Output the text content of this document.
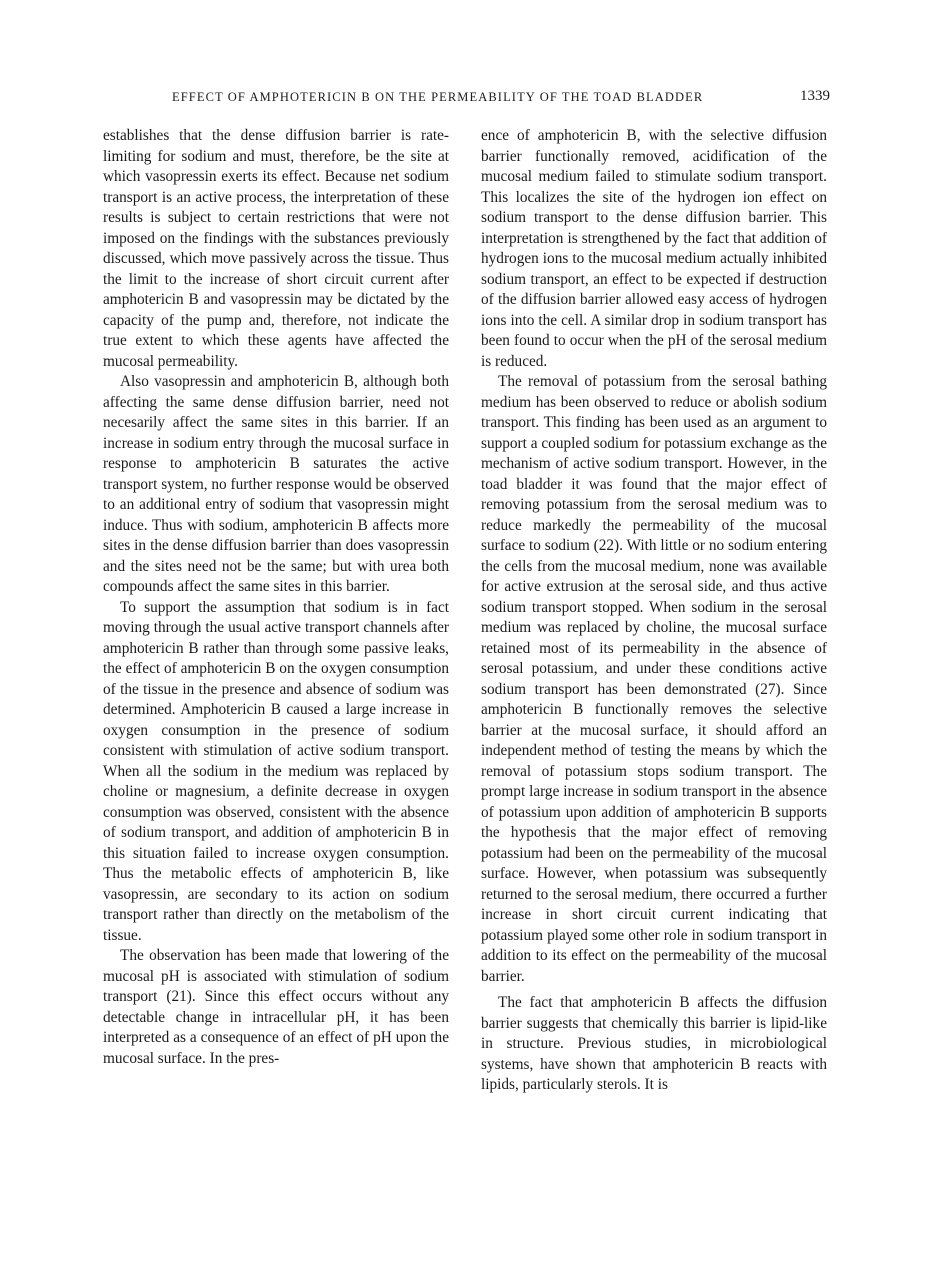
EFFECT OF AMPHOTERICIN B ON THE PERMEABILITY OF THE TOAD BLADDER	1339

establishes that the dense diffusion barrier is rate-limiting for sodium and must, therefore, be the site at which vasopressin exerts its effect. Because net sodium transport is an active process, the interpretation of these results is subject to certain restrictions that were not imposed on the findings with the substances previously discussed, which move passively across the tissue. Thus the limit to the increase of short circuit current after amphotericin B and vasopressin may be dictated by the capacity of the pump and, therefore, not indicate the true extent to which these agents have affected the mucosal permeability.

Also vasopressin and amphotericin B, although both affecting the same dense diffusion barrier, need not necesarily affect the same sites in this barrier. If an increase in sodium entry through the mucosal surface in response to amphotericin B saturates the active transport system, no further response would be observed to an additional entry of sodium that vasopressin might induce. Thus with sodium, amphotericin B affects more sites in the dense diffusion barrier than does vasopressin and the sites need not be the same; but with urea both compounds affect the same sites in this barrier.

To support the assumption that sodium is in fact moving through the usual active transport channels after amphotericin B rather than through some passive leaks, the effect of amphotericin B on the oxygen consumption of the tissue in the presence and absence of sodium was determined. Amphotericin B caused a large increase in oxygen consumption in the presence of sodium consistent with stimulation of active sodium transport. When all the sodium in the medium was replaced by choline or magnesium, a definite decrease in oxygen consumption was observed, consistent with the absence of sodium transport, and addition of amphotericin B in this situation failed to increase oxygen consumption. Thus the metabolic effects of amphotericin B, like vasopressin, are secondary to its action on sodium transport rather than directly on the metabolism of the tissue.

The observation has been made that lowering of the mucosal pH is associated with stimulation of sodium transport (21). Since this effect occurs without any detectable change in intracellular pH, it has been interpreted as a consequence of an effect of pH upon the mucosal surface. In the pres-

ence of amphotericin B, with the selective diffusion barrier functionally removed, acidification of the mucosal medium failed to stimulate sodium transport. This localizes the site of the hydrogen ion effect on sodium transport to the dense diffusion barrier. This interpretation is strengthened by the fact that addition of hydrogen ions to the mucosal medium actually inhibited sodium transport, an effect to be expected if destruction of the diffusion barrier allowed easy access of hydrogen ions into the cell. A similar drop in sodium transport has been found to occur when the pH of the serosal medium is reduced.

The removal of potassium from the serosal bathing medium has been observed to reduce or abolish sodium transport. This finding has been used as an argument to support a coupled sodium for potassium exchange as the mechanism of active sodium transport. However, in the toad bladder it was found that the major effect of removing potassium from the serosal medium was to reduce markedly the permeability of the mucosal surface to sodium (22). With little or no sodium entering the cells from the mucosal medium, none was available for active extrusion at the serosal side, and thus active sodium transport stopped. When sodium in the serosal medium was replaced by choline, the mucosal surface retained most of its permeability in the absence of serosal potassium, and under these conditions active sodium transport has been demonstrated (27). Since amphotericin B functionally removes the selective barrier at the mucosal surface, it should afford an independent method of testing the means by which the removal of potassium stops sodium transport. The prompt large increase in sodium transport in the absence of potassium upon addition of amphotericin B supports the hypothesis that the major effect of removing potassium had been on the permeability of the mucosal surface. However, when potassium was subsequently returned to the serosal medium, there occurred a further increase in short circuit current indicating that potassium played some other role in sodium transport in addition to its effect on the permeability of the mucosal barrier.

The fact that amphotericin B affects the diffusion barrier suggests that chemically this barrier is lipid-like in structure. Previous studies, in microbiological systems, have shown that amphotericin B reacts with lipids, particularly sterols. It is
